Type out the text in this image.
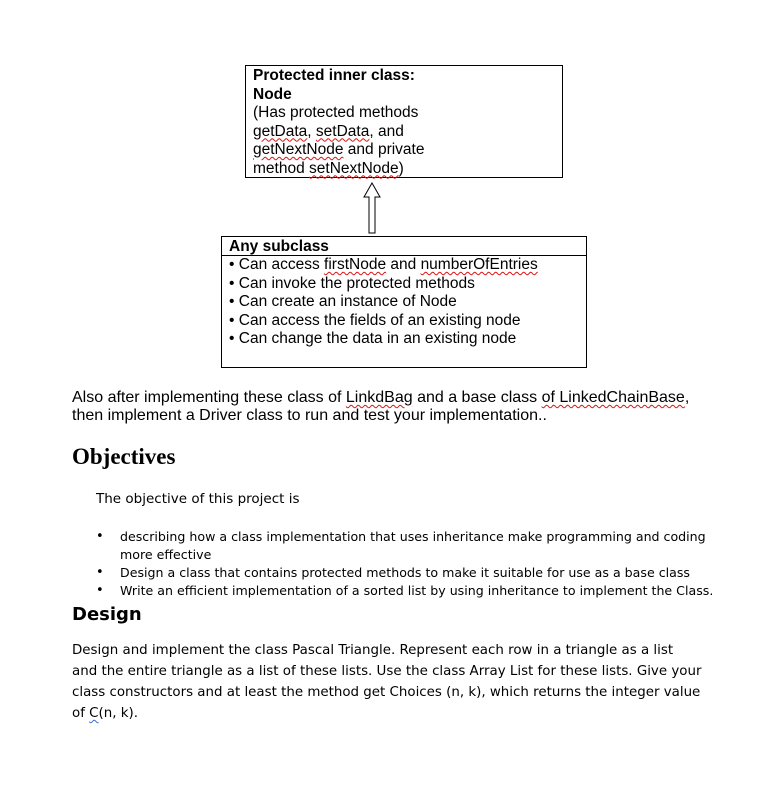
Protected inner class:
Node
(Has protected methods
getData, setData, and
getNextNode and private
method setNextNode)
Any subclass
• Can access firstNode and numberOfEntries
• Can invoke the protected methods
• Can create an instance of Node
• Can access the fields of an existing node
• Can change the data in an existing node
Also after implementing these class of LinkdBag and a base class of LinkedChainBase,
then implement a Driver class to run and test your implementation..
Objectives
The objective of this project is
• describing how a class implementation that uses inheritance make programming and coding more effective
• Design a class that contains protected methods to make it suitable for use as a base class
• Write an efficient implementation of a sorted list by using inheritance to implement the Class.
Design
Design and implement the class Pascal Triangle. Represent each row in a triangle as a list and the entire triangle as a list of these lists. Use the class Array List for these lists. Give your class constructors and at least the method get Choices (n, k), which returns the integer value of C(n, k).
